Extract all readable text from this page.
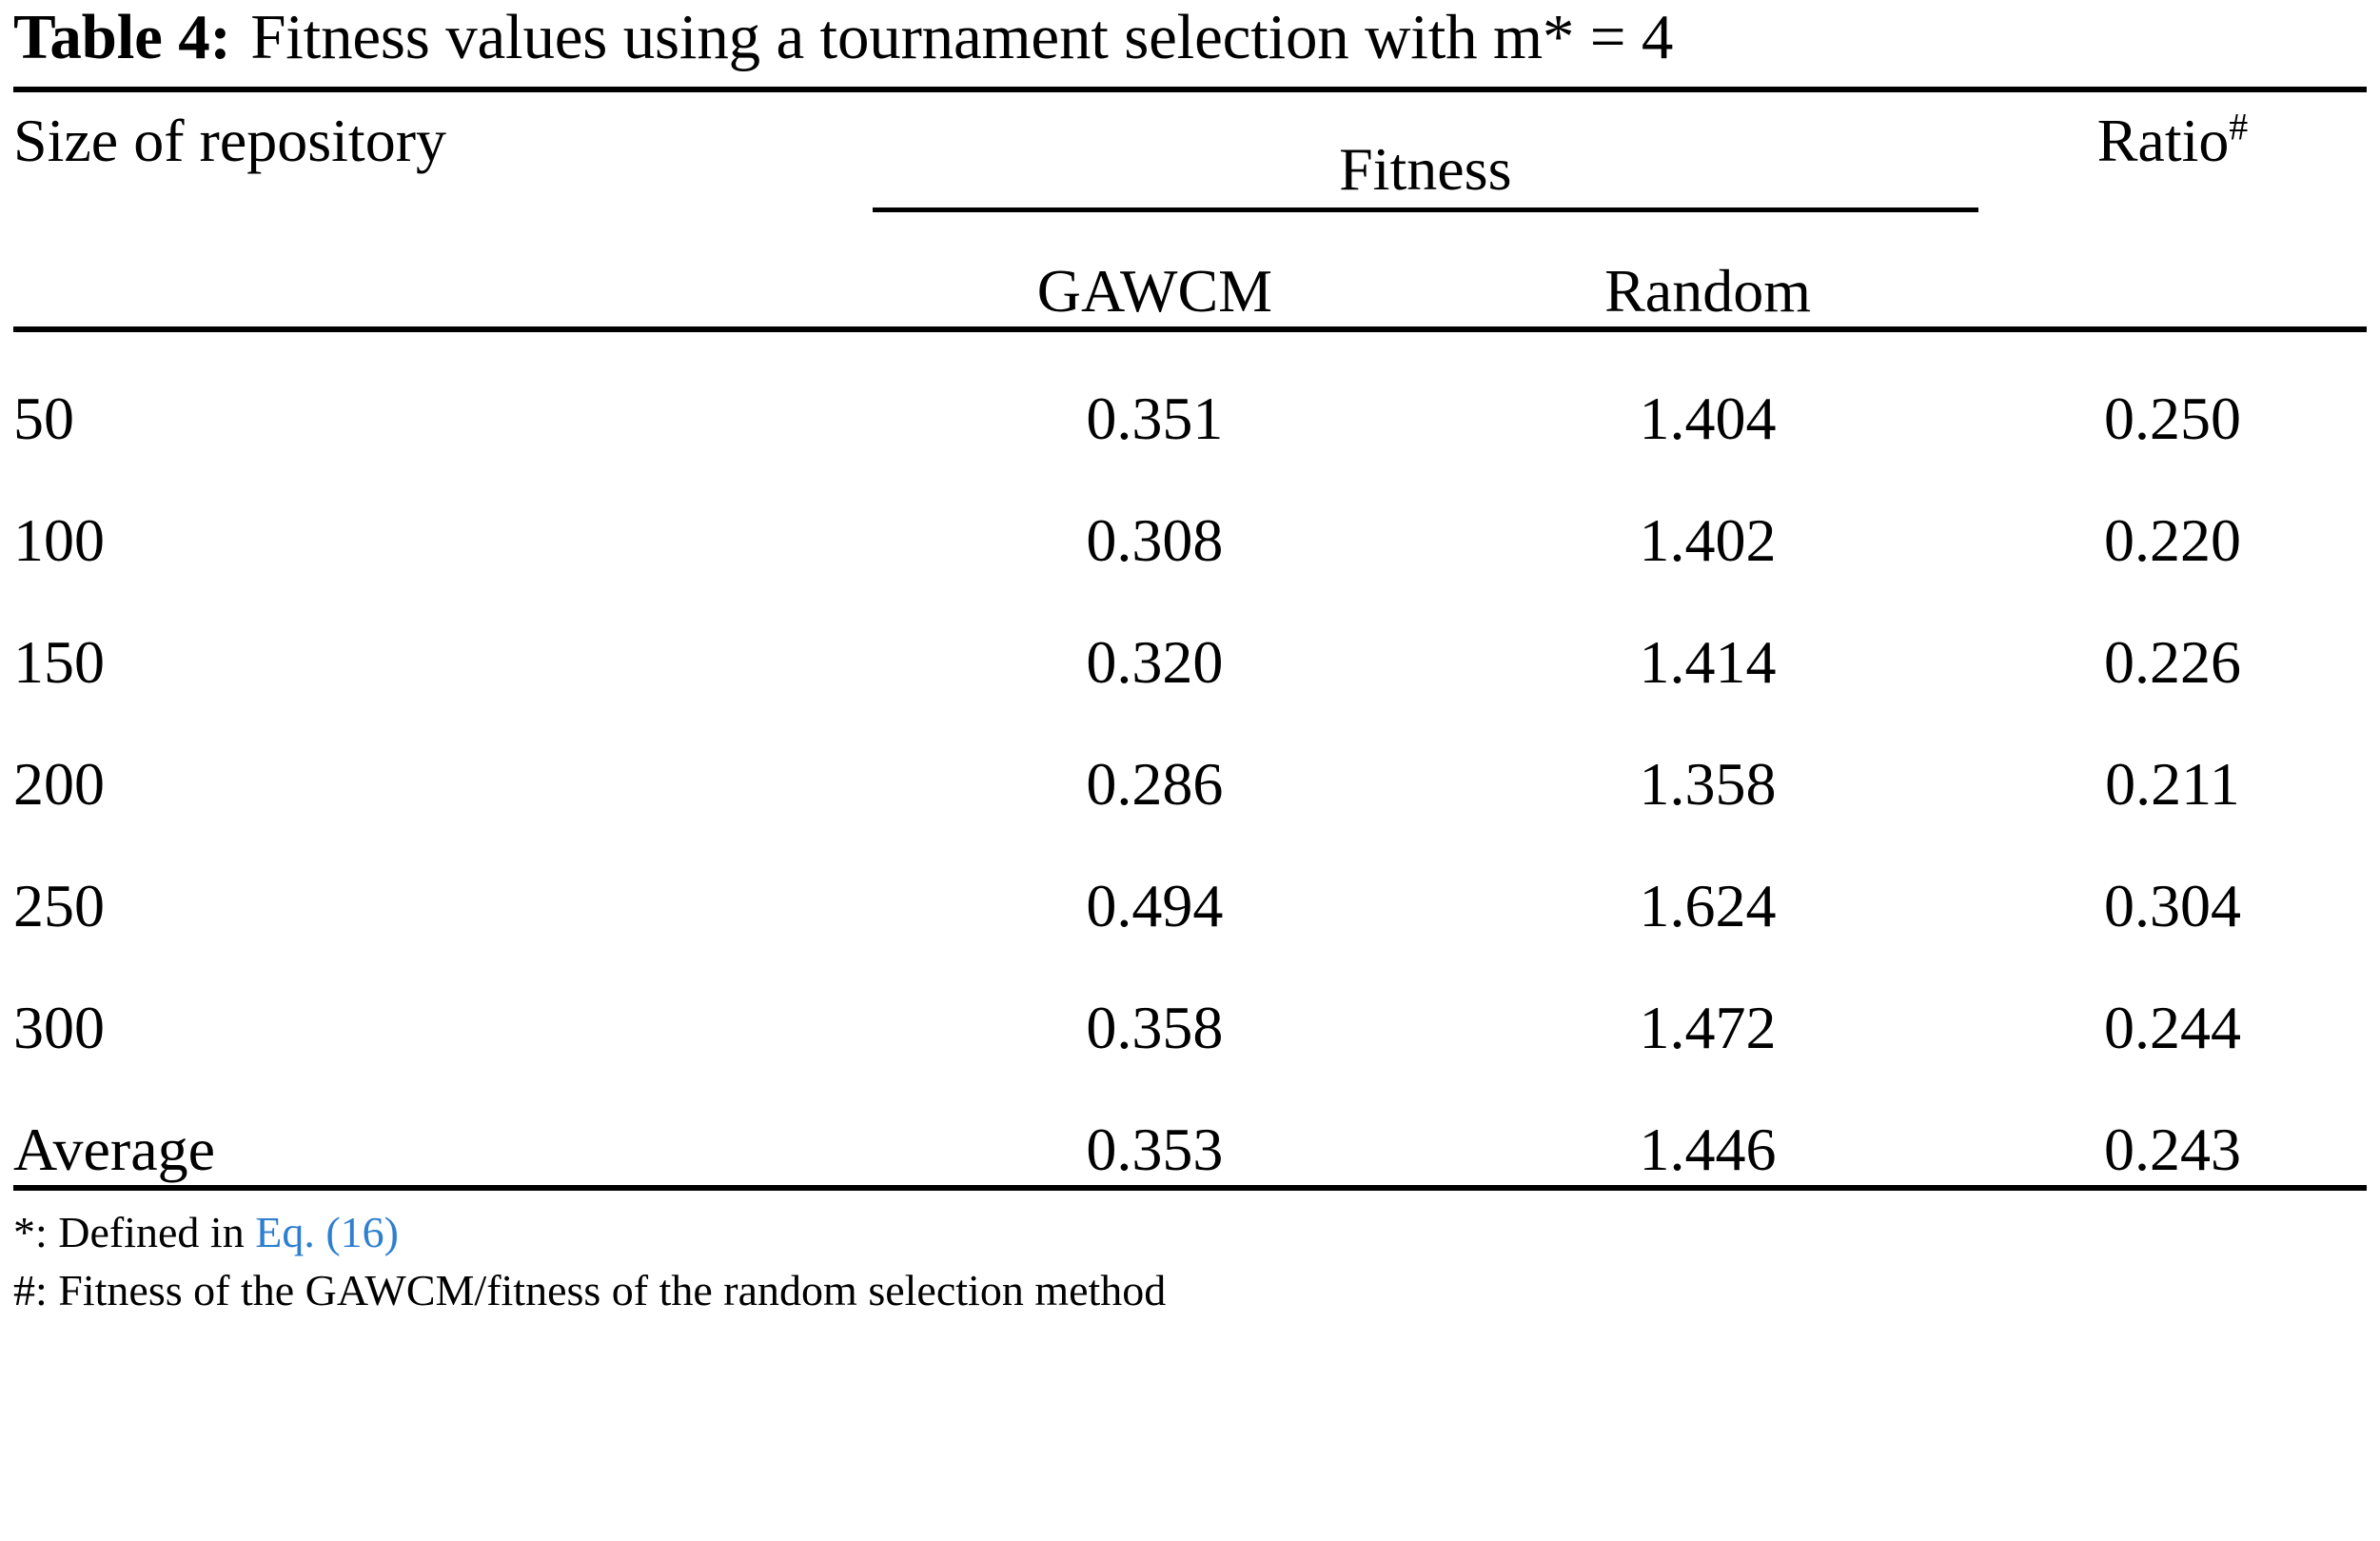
Table 4: Fitness values using a tournament selection with m* = 4
Size of repository	Fitness		Ratio#

	GAWCM	Random	
50	0.351	1.404	0.250
100	0.308	1.402	0.220
150	0.320	1.414	0.226
200	0.286	1.358	0.211
250	0.494	1.624	0.304
300	0.358	1.472	0.244
Average	0.353	1.446	0.243
*: Defined in Eq. (16)
#: Fitness of the GAWCM/fitness of the random selection method
